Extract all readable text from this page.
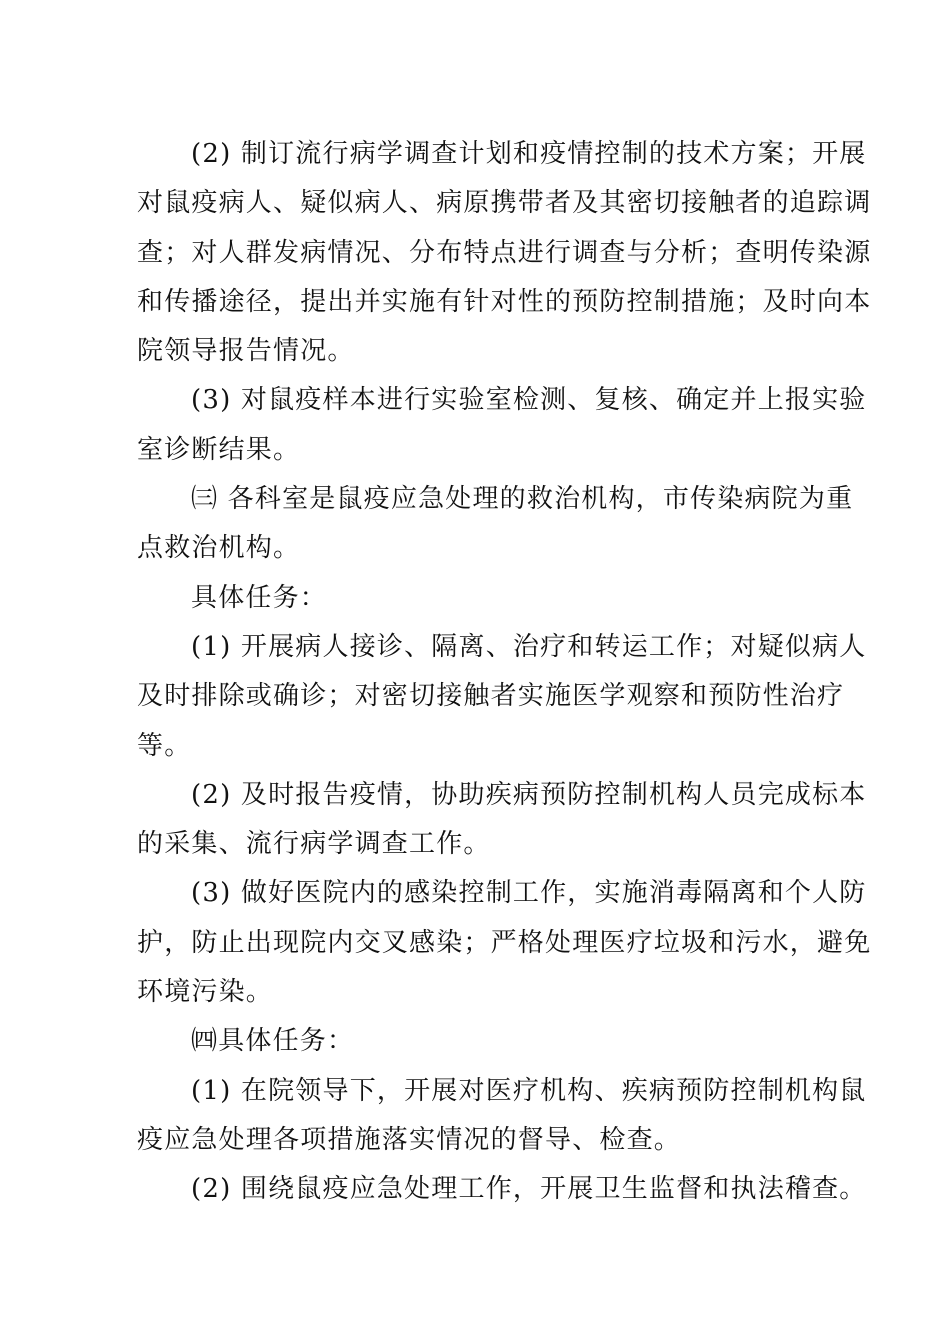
(2) 制订流行病学调查计划和疫情控制的技术方案；开展
对鼠疫病人、疑似病人、病原携带者及其密切接触者的追踪调
查；对人群发病情况、分布特点进行调查与分析；查明传染源
和传播途径，提出并实施有针对性的预防控制措施；及时向本
院领导报告情况。
(3) 对鼠疫样本进行实验室检测、复核、确定并上报实验
室诊断结果。
㈢ 各科室是鼠疫应急处理的救治机构，市传染病院为重
点救治机构。
具体任务：
(1) 开展病人接诊、隔离、治疗和转运工作；对疑似病人
及时排除或确诊；对密切接触者实施医学观察和预防性治疗
等。
(2) 及时报告疫情，协助疾病预防控制机构人员完成标本
的采集、流行病学调查工作。
(3) 做好医院内的感染控制工作，实施消毒隔离和个人防
护，防止出现院内交叉感染；严格处理医疗垃圾和污水，避免
环境污染。
㈣具体任务：
(1) 在院领导下，开展对医疗机构、疾病预防控制机构鼠
疫应急处理各项措施落实情况的督导、检查。
(2) 围绕鼠疫应急处理工作，开展卫生监督和执法稽查。
